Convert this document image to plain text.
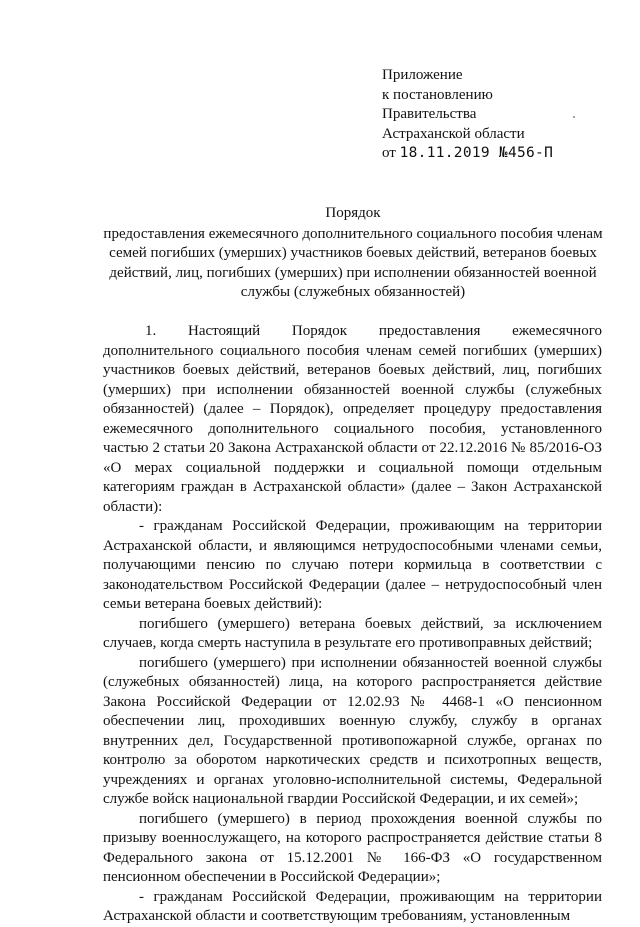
Приложение
к постановлению
Правительства
Астраханской области
от 18.11.2019 №456-П
Порядок
предоставления ежемесячного дополнительного социального пособия членам семей погибших (умерших) участников боевых действий, ветеранов боевых действий, лиц, погибших (умерших) при исполнении обязанностей военной службы (служебных обязанностей)

1. Настоящий Порядок предоставления ежемесячного дополнительного социального пособия членам семей погибших (умерших) участников боевых действий, ветеранов боевых действий, лиц, погибших (умерших) при исполнении обязанностей военной службы (служебных обязанностей) (далее – Порядок), определяет процедуру предоставления ежемесячного дополнительного социального пособия, установленного частью 2 статьи 20 Закона Астраханской области от 22.12.2016 № 85/2016-ОЗ «О мерах социальной поддержки и социальной помощи отдельным категориям граждан в Астраханской области» (далее – Закон Астраханской области):

- гражданам Российской Федерации, проживающим на территории Астраханской области, и являющимся нетрудоспособными членами семьи, получающими пенсию по случаю потери кормильца в соответствии с законодательством Российской Федерации (далее – нетрудоспособный член семьи ветерана боевых действий):

погибшего (умершего) ветерана боевых действий, за исключением случаев, когда смерть наступила в результате его противоправных действий;

погибшего (умершего) при исполнении обязанностей военной службы (служебных обязанностей) лица, на которого распространяется действие Закона Российской Федерации от 12.02.93 № 4468-1 «О пенсионном обеспечении лиц, проходивших военную службу, службу в органах внутренних дел, Государственной противопожарной службе, органах по контролю за оборотом наркотических средств и психотропных веществ, учреждениях и органах уголовно-исполнительной системы, Федеральной службе войск национальной гвардии Российской Федерации, и их семей»;

погибшего (умершего) в период прохождения военной службы по призыву военнослужащего, на которого распространяется действие статьи 8 Федерального закона от 15.12.2001 № 166-ФЗ «О государственном пенсионном обеспечении в Российской Федерации»;

- гражданам Российской Федерации, проживающим на территории Астраханской области и соответствующим требованиям, установленным
